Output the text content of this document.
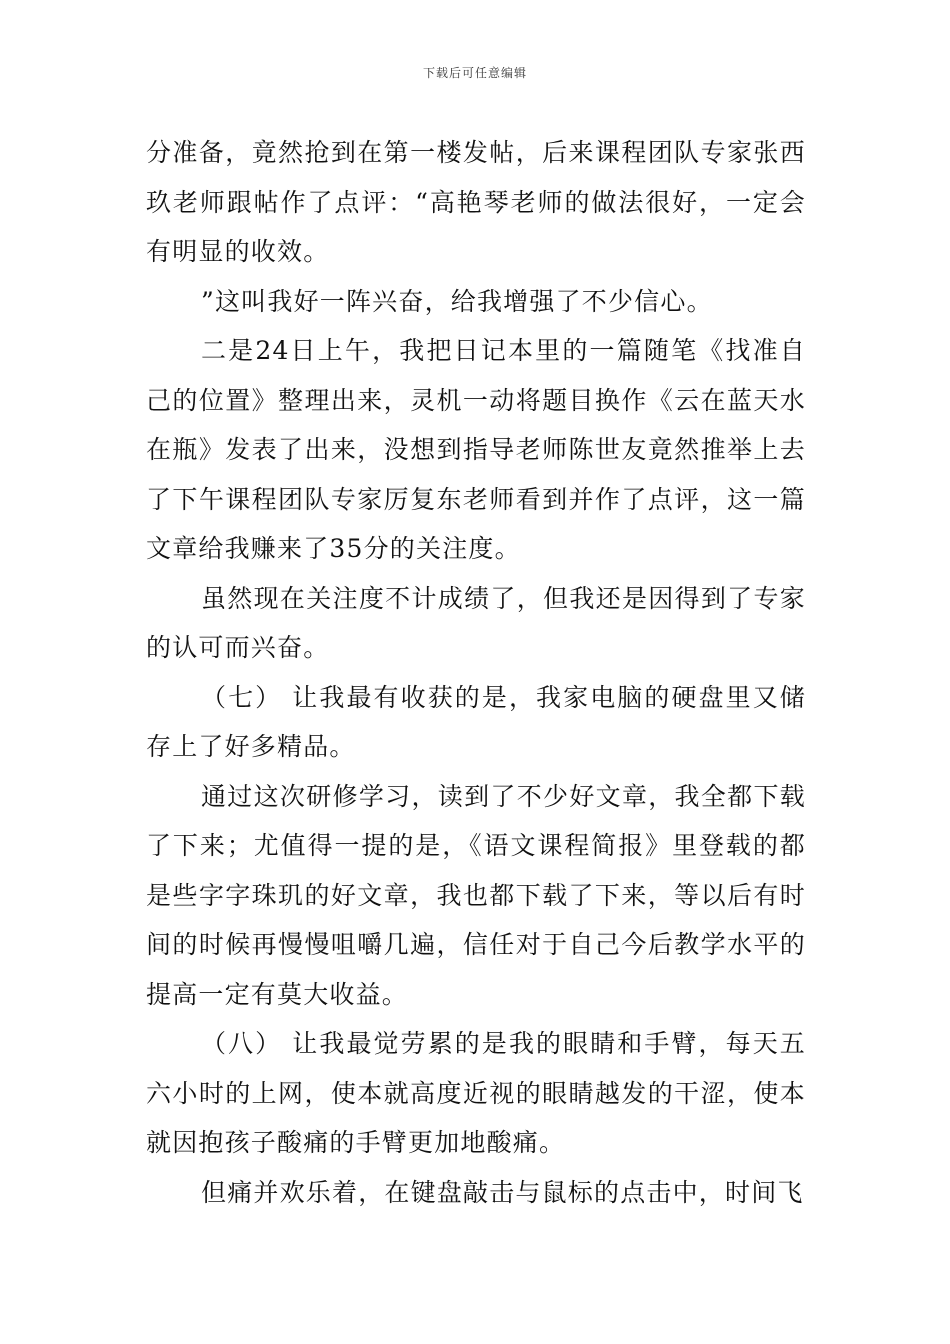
下载后可任意编辑

分准备，竟然抢到在第一楼发帖，后来课程团队专家张西玖老师跟帖作了点评：“高艳琴老师的做法很好，一定会有明显的收效。

”这叫我好一阵兴奋，给我增强了不少信心。

二是24日上午，我把日记本里的一篇随笔《找准自己的位置》整理出来，灵机一动将题目换作《云在蓝天水在瓶》发表了出来，没想到指导老师陈世友竟然推举上去了下午课程团队专家厉复东老师看到并作了点评，这一篇文章给我赚来了35分的关注度。

虽然现在关注度不计成绩了，但我还是因得到了专家的认可而兴奋。

（七） 让我最有收获的是，我家电脑的硬盘里又储存上了好多精品。

通过这次研修学习，读到了不少好文章，我全都下载了下来；尤值得一提的是，《语文课程简报》里登载的都是些字字珠玑的好文章，我也都下载了下来，等以后有时间的时候再慢慢咀嚼几遍，信任对于自己今后教学水平的提高一定有莫大收益。

（八） 让我最觉劳累的是我的眼睛和手臂，每天五六小时的上网，使本就高度近视的眼睛越发的干涩，使本就因抱孩子酸痛的手臂更加地酸痛。

但痛并欢乐着，在键盘敲击与鼠标的点击中，时间飞
